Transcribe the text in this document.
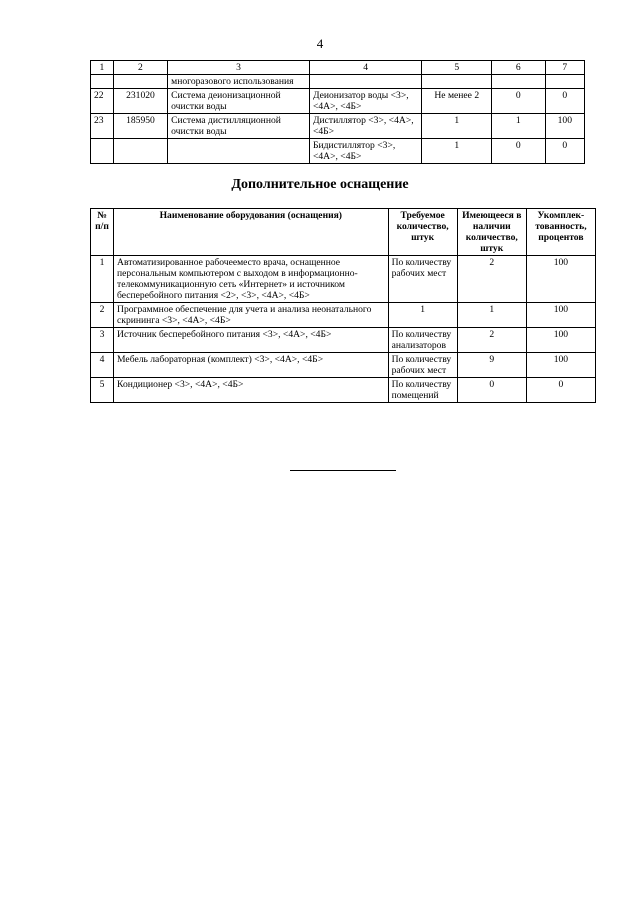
4
1	2	3	4	5	6	7
		многоразового использования				
22	231020	Система деионизационной очистки воды	Деионизатор воды <3>, <4А>, <4Б>	Не менее 2	0	0
23	185950	Система дистилляционной очистки воды	Дистиллятор <3>, <4А>, <4Б>	1	1	100
			Бидистиллятор <3>, <4А>, <4Б>	1	0	0
Дополнительное оснащение
№ п/п	Наименование оборудования (оснащения)	Требуемое количество, штук	Имеющееся в наличии количество, штук	Укомплек-тованность, процентов
1	Автоматизированное рабочееместо врача, оснащенное персональным компьютером с выходом в информационно-телекоммуникационную сеть «Интернет» и источником бесперебойного питания <2>, <3>, <4А>, <4Б>	По количеству рабочих мест	2	100
2	Программное обеспечение для учета и анализа неонатального скрининга <3>, <4А>, <4Б>	1	1	100
3	Источник бесперебойного питания <3>, <4А>, <4Б>	По количеству анализаторов	2	100
4	Мебель лабораторная (комплект) <3>, <4А>, <4Б>	По количеству рабочих мест	9	100
5	Кондиционер <3>, <4А>, <4Б>	По количеству помещений	0	0
